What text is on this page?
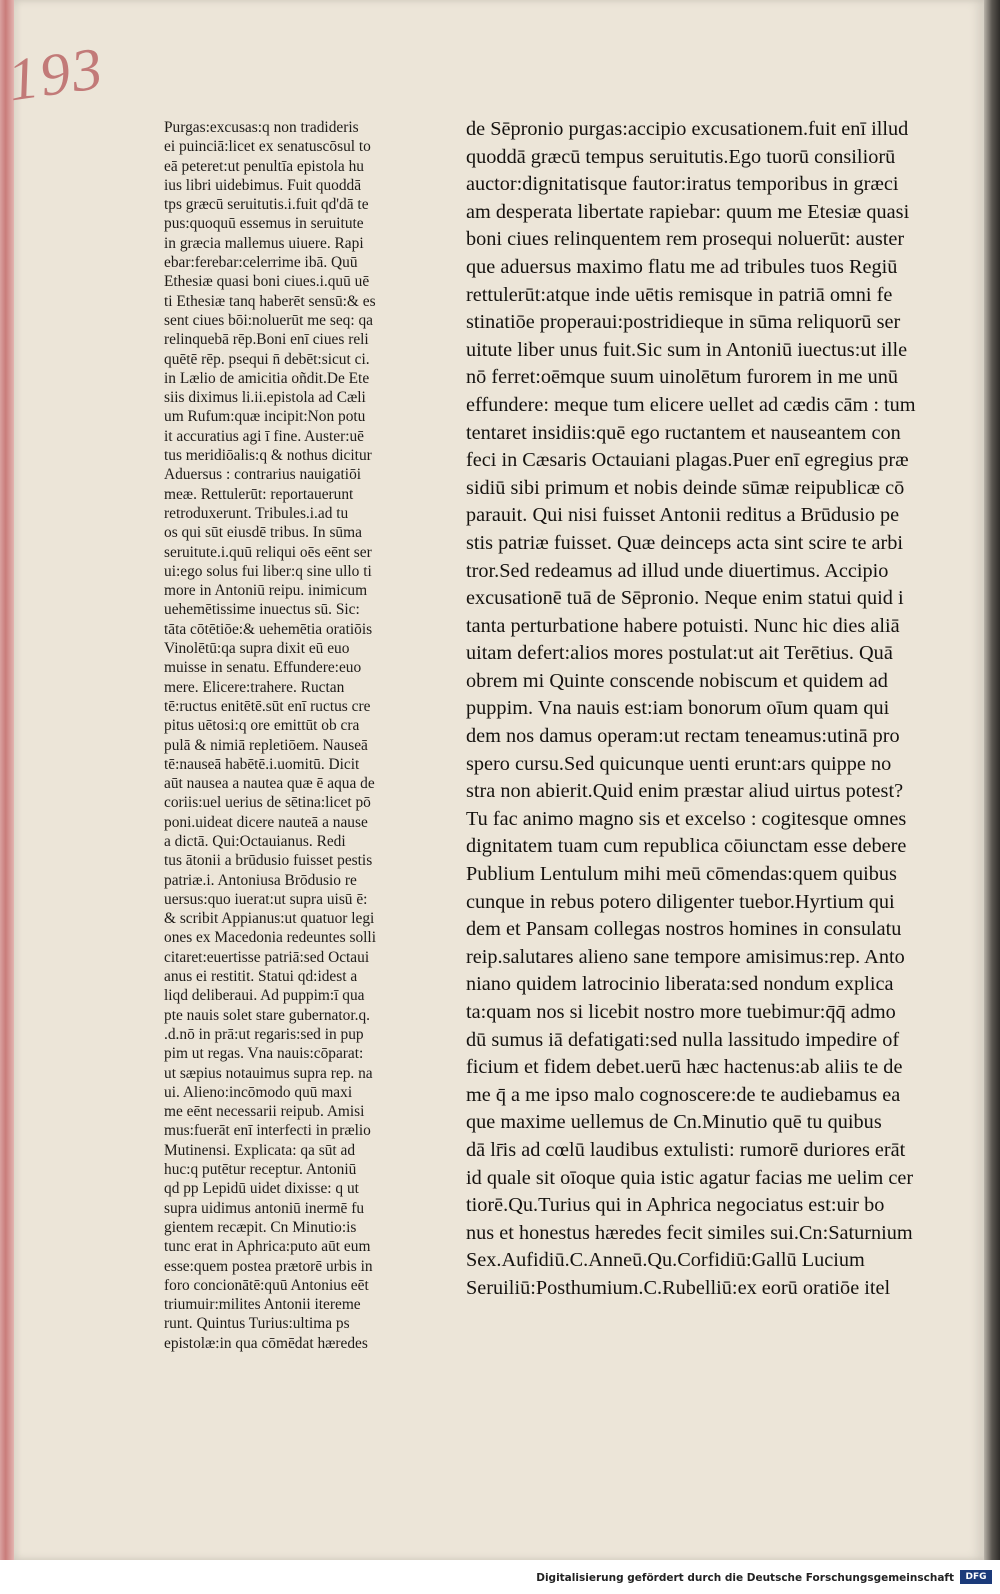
193
Purgas:excusas:q non tradideris
ei puinciā:licet ex senatuscōsul to
eā peteret:ut penultīa epistola hu
ius libri uidebimus. Fuit quoddā
tps græcū seruitutis.i.fuit qd'dā te
pus:quoquū essemus in seruitute
in græcia mallemus uiuere. Rapi
ebar:ferebar:celerrime ibā. Quū
Ethesiæ quasi boni ciues.i.quū uē
ti Ethesiæ tanq haberēt sensū:& es
sent ciues bōi:noluerūt me seq: qa
relinquebā rēp.Boni enī ciues reli
quētē rēp. psequi n̄ debēt:sicut ci.
in Lælio de amicitia oñdit.De Ete
siis diximus li.ii.epistola ad Cæli
um Rufum:quæ incipit:Non potu
it accuratius agi ī fine. Auster:uē
tus meridiōalis:q & nothus dicitur
Aduersus : contrarius nauigatiōi
meæ. Rettulerūt: reportauerunt
retroduxerunt. Tribules.i.ad tu
os qui sūt eiusdē tribus. In sūma
seruitute.i.quū reliqui oēs eēnt ser
ui:ego solus fui liber:q sine ullo ti
more in Antoniū reipu. inimicum
uehemētissime inuectus sū. Sic:
tāta cōtētiōe:& uehemētia oratiōis
Vinolētū:qa supra dixit eū euo
muisse in senatu. Effundere:euo
mere. Elicere:trahere. Ructan
tē:ructus enitētē.sūt enī ructus cre
pitus uētosi:q ore emittūt ob cra
pulā & nimiā repletiōem. Nauseā
tē:nauseā habētē.i.uomitū. Dicit
aūt nausea a nautea quæ ē aqua de
coriis:uel uerius de sētina:licet pō
poni.uideat dicere nauteā a nause
a dictā. Qui:Octauianus. Redi
tus ātonii a brūdusio fuisset pestis
patriæ.i. Antoniusa Brōdusio re
uersus:quo iuerat:ut supra uisū ē:
& scribit Appianus:ut quatuor legi
ones ex Macedonia redeuntes solli
citaret:euertisse patriā:sed Octaui
anus ei restitit. Statui qd:idest a
liqd deliberaui. Ad puppim:ī qua
pte nauis solet stare gubernator.q.
.d.nō in prā:ut regaris:sed in pup
pim ut regas. Vna nauis:cōparat:
ut sæpius notauimus supra rep. na
ui. Alieno:incōmodo quū maxi
me eēnt necessarii reipub. Amisi
mus:fuerāt enī interfecti in prælio
Mutinensi. Explicata: qa sūt ad
huc:q putētur receptur. Antoniū
qd pp Lepidū uidet dixisse: q ut
supra uidimus antoniū inermē fu
gientem recæpit. Cn Minutio:is
tunc erat in Aphrica:puto aūt eum
esse:quem postea prætorē urbis in
foro concionātē:quū Antonius eēt
triumuir:milites Antonii itereme
runt. Quintus Turius:ultima ps
epistolæ:in qua cōmēdat hæredes
de Sēpronio purgas:accipio excusationem.fuit enī illud
quoddā græcū tempus seruitutis.Ego tuorū consiliorū
auctor:dignitatisque fautor:iratus temporibus in græci
am desperata libertate rapiebar: quum me Etesiæ quasi
boni ciues relinquentem rem prosequi noluerūt: auster
que aduersus maximo flatu me ad tribules tuos Regiū
rettulerūt:atque inde uētis remisque in patriā omni fe
stinatiōe properaui:postridieque in sūma reliquorū ser
uitute liber unus fuit.Sic sum in Antoniū iuectus:ut ille
nō ferret:oēmque suum uinolētum furorem in me unū
effundere: meque tum elicere uellet ad cædis cām : tum
tentaret insidiis:quē ego ructantem et nauseantem con
feci in Cæsaris Octauiani plagas.Puer enī egregius præ
sidiū sibi primum et nobis deinde sūmæ reipublicæ cō
parauit. Qui nisi fuisset Antonii reditus a Brūdusio pe
stis patriæ fuisset. Quæ deinceps acta sint scire te arbi
tror.Sed redeamus ad illud unde diuertimus. Accipio
excusationē tuā de Sēpronio. Neque enim statui quid i
tanta perturbatione habere potuisti. Nunc hic dies aliā
uitam defert:alios mores postulat:ut ait Terētius. Quā
obrem mi Quinte conscende nobiscum et quidem ad
puppim. Vna nauis est:iam bonorum oīum quam qui
dem nos damus operam:ut rectam teneamus:utinā pro
spero cursu.Sed quicunque uenti erunt:ars quippe no
stra non abierit.Quid enim præstar aliud uirtus potest?
Tu fac animo magno sis et excelso : cogitesque omnes
dignitatem tuam cum republica cōiunctam esse debere
Publium Lentulum mihi meū cōmendas:quem quibus
cunque in rebus potero diligenter tuebor.Hyrtium qui
dem et Pansam collegas nostros homines in consulatu
reip.salutares alieno sane tempore amisimus:rep. Anto
niano quidem latrocinio liberata:sed nondum explica
ta:quam nos si licebit nostro more tuebimur:q̄q̄ admo
dū sumus iā defatigati:sed nulla lassitudo impedire of
ficium et fidem debet.uerū hæc hactenus:ab aliis te de
me q̄ a me ipso malo cognoscere:de te audiebamus ea
que maxime uellemus de Cn.Minutio quē tu quibus
dā lr̄is ad cœlū laudibus extulisti: rumorē duriores erāt
id quale sit oīoque quia istic agatur facias me uelim cer
tiorē.Qu.Turius qui in Aphrica negociatus est:uir bo
nus et honestus hæredes fecit similes sui.Cn:Saturnium
Sex.Aufidiū.C.Anneū.Qu.Corfidiū:Gallū Lucium
Seruiliū:Posthumium.C.Rubelliū:ex eorū oratiōe itel
Digitalisierung gefördert durch die Deutsche Forschungsgemeinschaft	DFG
